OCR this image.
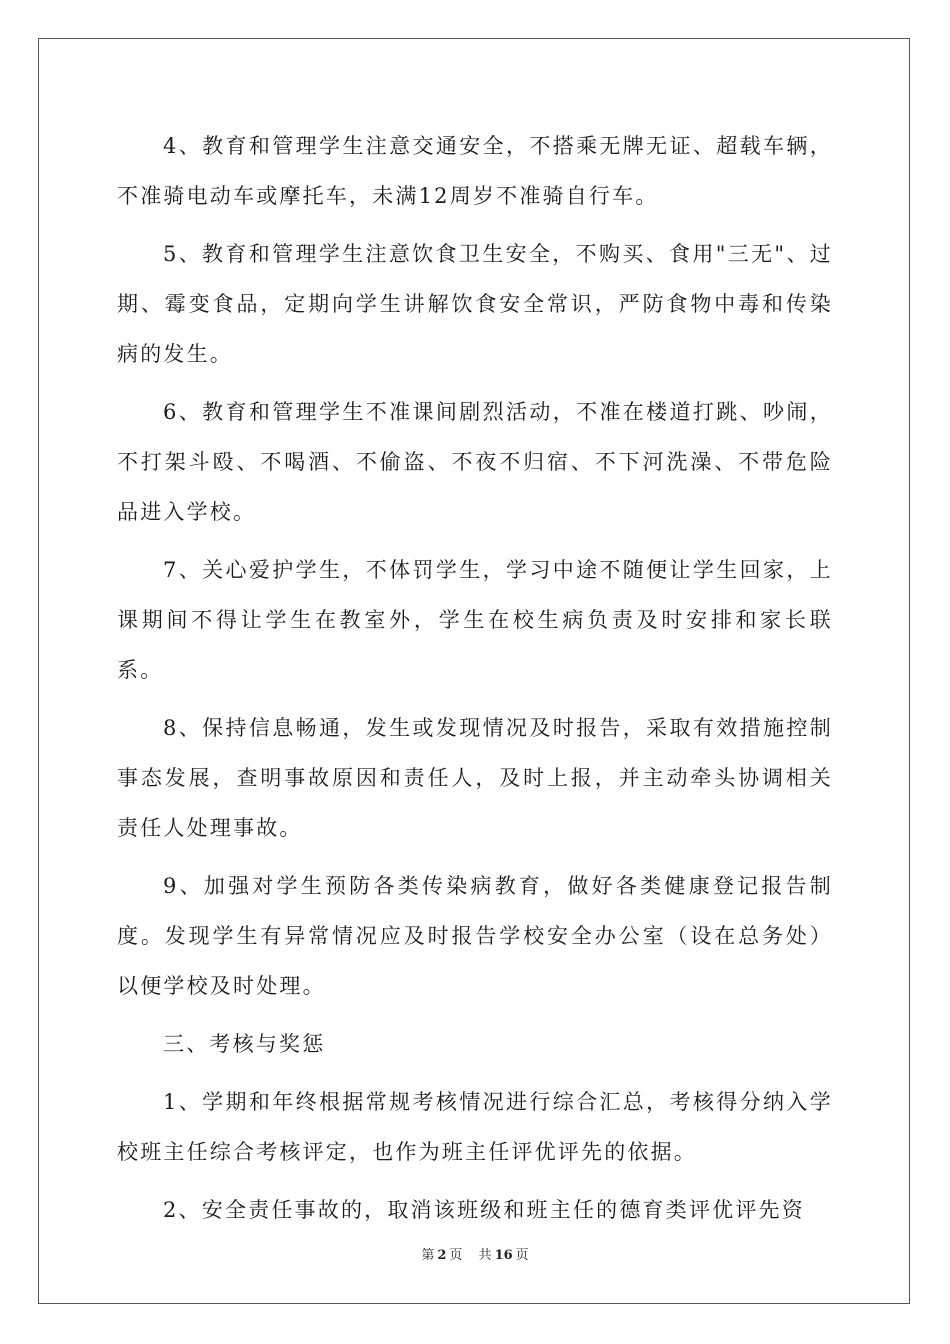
4、教育和管理学生注意交通安全，不搭乘无牌无证、超载车辆，不准骑电动车或摩托车，未满12周岁不准骑自行车。

5、教育和管理学生注意饮食卫生安全，不购买、食用"三无"、过期、霉变食品，定期向学生讲解饮食安全常识，严防食物中毒和传染病的发生。

6、教育和管理学生不准课间剧烈活动，不准在楼道打跳、吵闹，不打架斗殴、不喝酒、不偷盗、不夜不归宿、不下河洗澡、不带危险品进入学校。

7、关心爱护学生，不体罚学生，学习中途不随便让学生回家，上课期间不得让学生在教室外，学生在校生病负责及时安排和家长联系。

8、保持信息畅通，发生或发现情况及时报告，采取有效措施控制事态发展，查明事故原因和责任人，及时上报，并主动牵头协调相关责任人处理事故。

9、加强对学生预防各类传染病教育，做好各类健康登记报告制度。发现学生有异常情况应及时报告学校安全办公室（设在总务处）以便学校及时处理。

三、考核与奖惩

1、学期和年终根据常规考核情况进行综合汇总，考核得分纳入学校班主任综合考核评定，也作为班主任评优评先的依据。

2、安全责任事故的，取消该班级和班主任的德育类评优评先资

第 2 页 共 16 页
